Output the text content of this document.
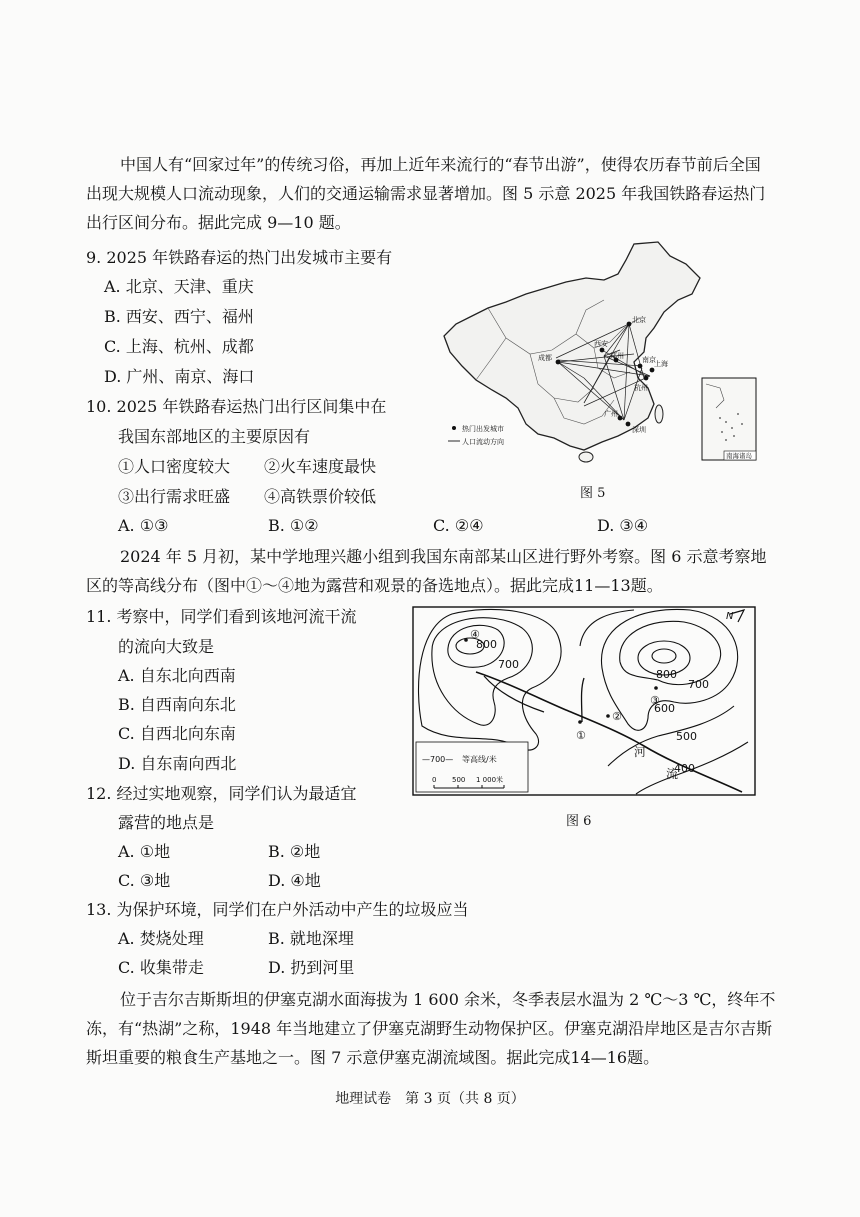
中国人有“回家过年”的传统习俗，再加上近年来流行的“春节出游”，使得农历春节前后全国出现大规模人口流动现象，人们的交通运输需求显著增加。图 5 示意 2025 年我国铁路春运热门出行区间分布。据此完成 9—10 题。
9. 2025 年铁路春运的热门出发城市主要有
A. 北京、天津、重庆
B. 西安、西宁、福州
C. 上海、杭州、成都
D. 广州、南京、海口
10. 2025 年铁路春运热门出行区间集中在
我国东部地区的主要原因有
①人口密度较大 ②火车速度最快
③出行需求旺盛 ④高铁票价较低
A. ①③	B. ①②	C. ②④	D. ③④
北京
西安
郑州	南京
杭州
上海
成都
广州
深圳
热门出发城市
人口流动方向
南海诸岛
图 5
2024 年 5 月初，某中学地理兴趣小组到我国东南部某山区进行野外考察。图 6 示意考察地区的等高线分布（图中①～④地为露营和观景的备选地点）。据此完成11—13题。
11. 考察中，同学们看到该地河流干流
的流向大致是
A. 自东北向西南
B. 自西南向东北
C. 自西北向东南
D. 自东南向西北
N
800
700
800
700
600
500
400
①
②
③
④
河
流
—700— 等高线/米
0 500 1 000米
图 6
12. 经过实地观察，同学们认为最适宜
露营的地点是
A. ①地	B. ②地
C. ③地	D. ④地
13. 为保护环境，同学们在户外活动中产生的垃圾应当
A. 焚烧处理	B. 就地深埋
C. 收集带走	D. 扔到河里
位于吉尔吉斯斯坦的伊塞克湖水面海拔为 1 600 余米，冬季表层水温为 2 ℃～3 ℃，终年不冻，有“热湖”之称，1948 年当地建立了伊塞克湖野生动物保护区。伊塞克湖沿岸地区是吉尔吉斯斯坦重要的粮食生产基地之一。图 7 示意伊塞克湖流域图。据此完成14—16题。
地理试卷　第 3 页（共 8 页）
